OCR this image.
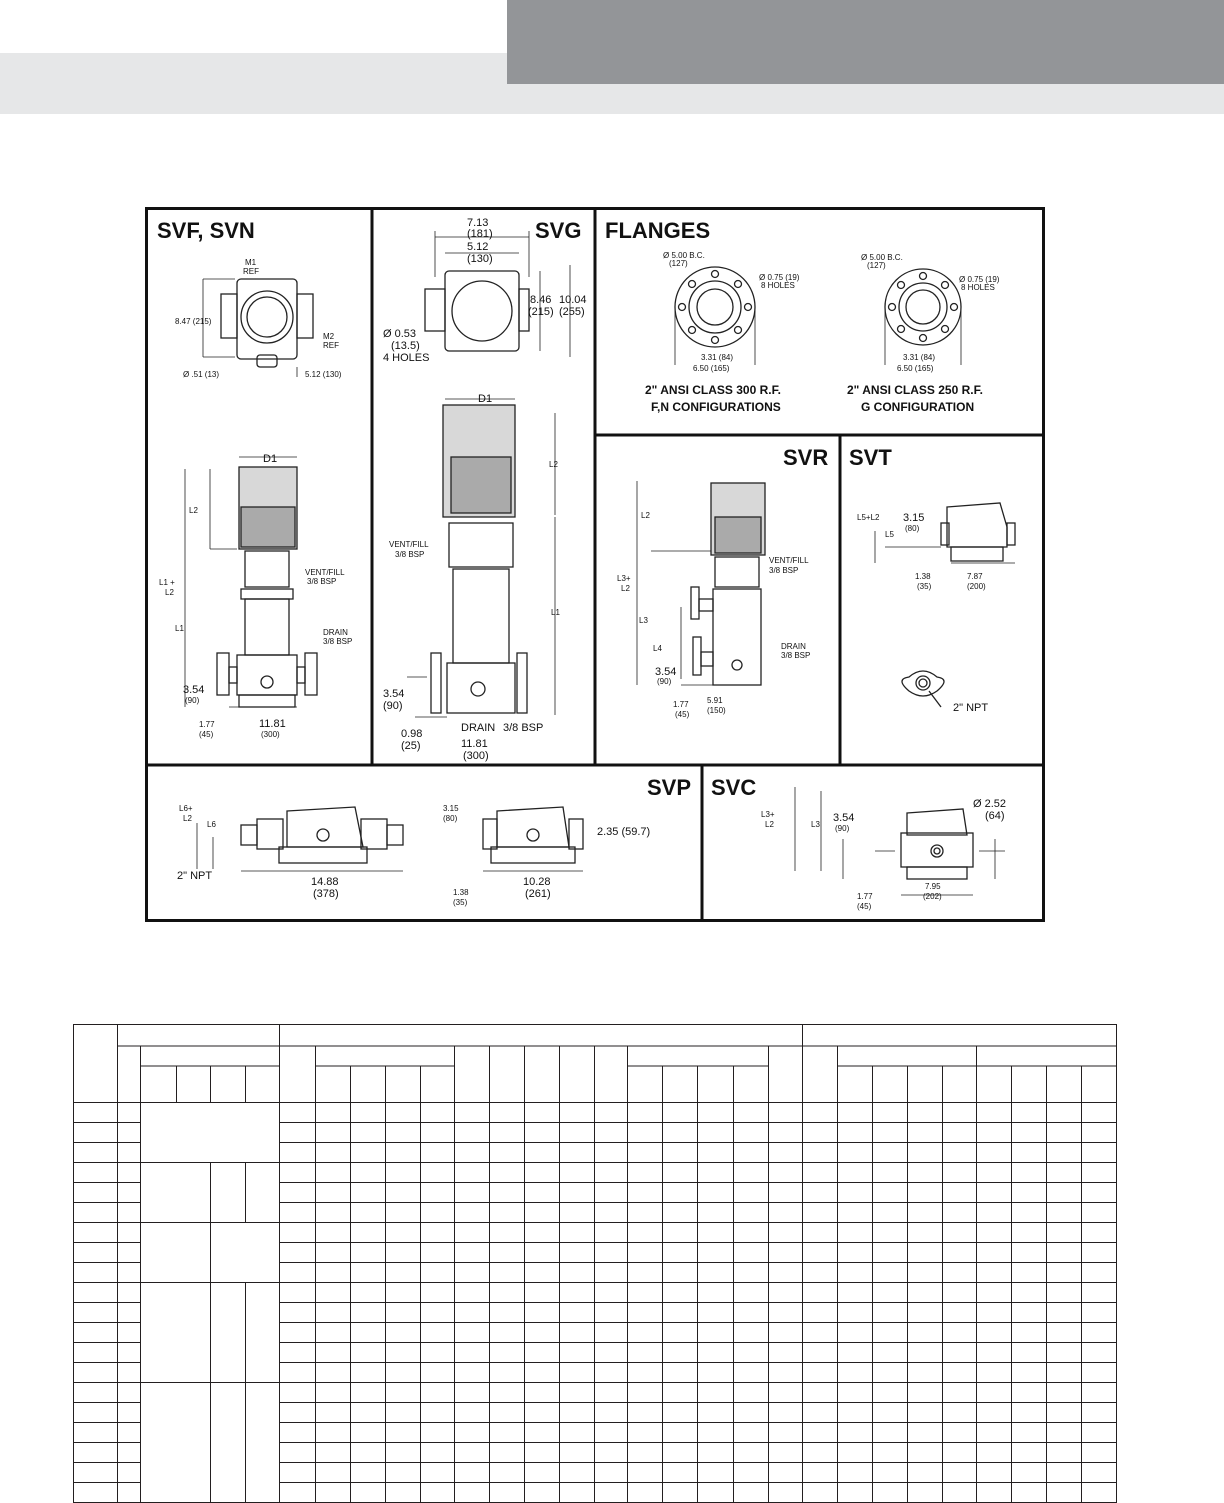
SVF, SVN
M1
REF
8.47 (215)
M2
REF
Ø .51 (13)	5.12 (130)
D1
L2
L1 +
L2
L1
VENT/FILL
3/8 BSP
DRAIN
3/8 BSP
3.54
(90)
1.77
(45)
11.81
(300)
SVG
7.13
(181)
5.12
(130)
8.46
(215)
10.04
(255)
Ø 0.53
(13.5)
4 HOLES
D1
L2
L1
VENT/FILL
3/8 BSP
3.54
(90)
0.98
(25)
DRAIN 3/8 BSP
11.81
(300)
FLANGES
Ø 5.00 B.C.
(127)
Ø 0.75 (19)
8 HOLES
3.31 (84)
6.50 (165)
2" ANSI CLASS 300 R.F.
F,N CONFIGURATIONS
Ø 5.00 B.C.
(127)
Ø 0.75 (19)
8 HOLES
3.31 (84)
6.50 (165)
2" ANSI CLASS 250 R.F.
G CONFIGURATION
SVR
L2
L3+
L2
L3
L4
VENT/FILL
3/8 BSP
DRAIN
3/8 BSP
3.54
(90)
1.77
(45)
5.91
(150)
SVT
L5+L2
L5
3.15
(80)
1.38
(35)
7.87
(200)
2" NPT
SVP
L6+
L2
L6
2" NPT	14.88
(378)
3.15
(80)
1.38
(35)
10.28
(261)
2.35 (59.7)
SVC
L3+
L2	L3
3.54
(90)
1.77
(45)
7.95
(202)
Ø 2.52
(64)
